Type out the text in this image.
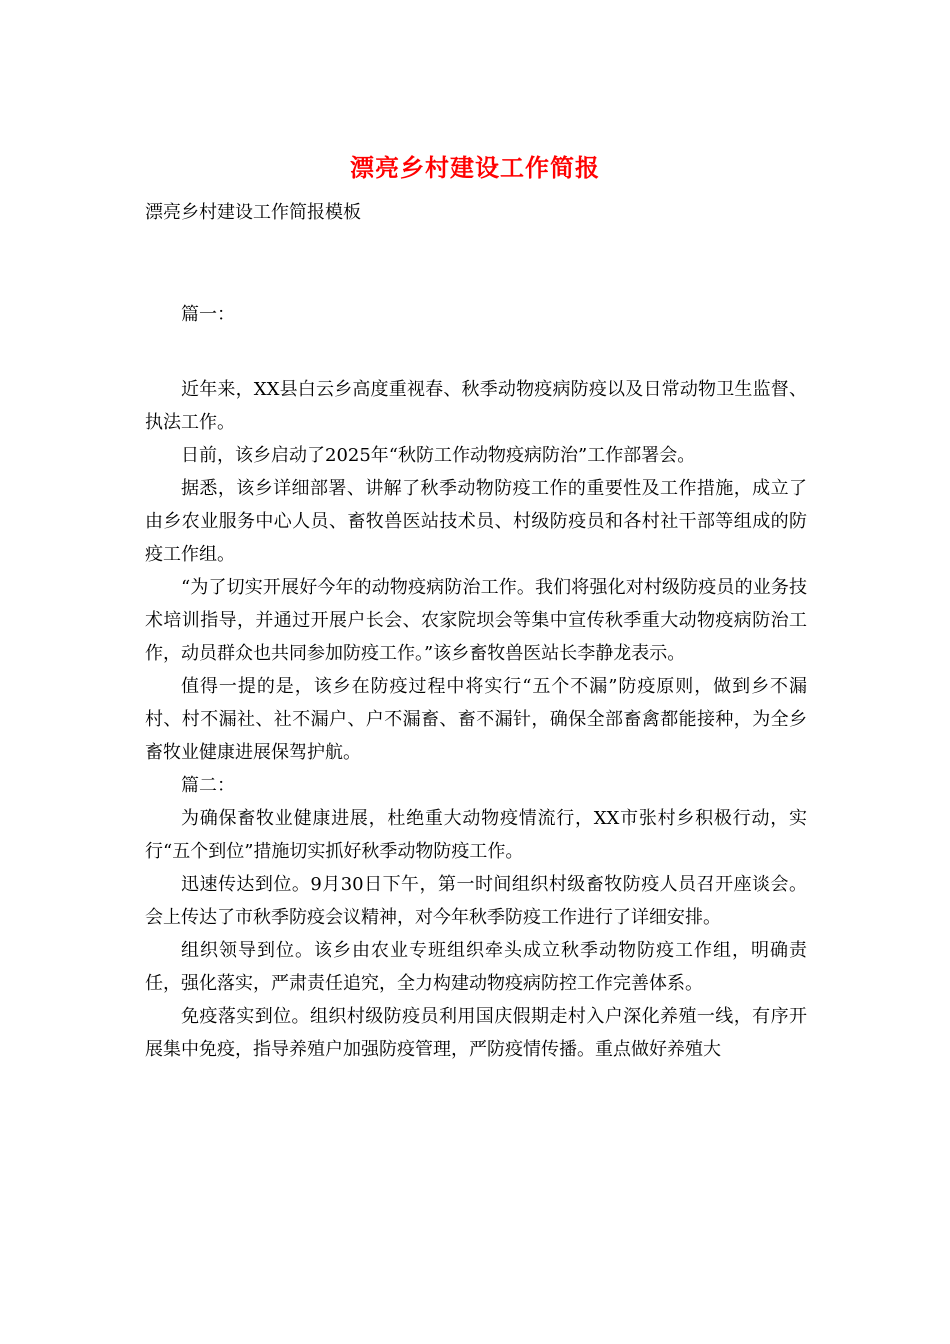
漂亮乡村建设工作简报
漂亮乡村建设工作简报模板

篇一：

近年来，XX县白云乡高度重视春、秋季动物疫病防疫以及日常动物卫生监督、执法工作。

日前，该乡启动了2025年“秋防工作动物疫病防治”工作部署会。

据悉，该乡详细部署、讲解了秋季动物防疫工作的重要性及工作措施，成立了由乡农业服务中心人员、畜牧兽医站技术员、村级防疫员和各村社干部等组成的防疫工作组。

“为了切实开展好今年的动物疫病防治工作。我们将强化对村级防疫员的业务技术培训指导，并通过开展户长会、农家院坝会等集中宣传秋季重大动物疫病防治工作，动员群众也共同参加防疫工作。”该乡畜牧兽医站长李静龙表示。

值得一提的是，该乡在防疫过程中将实行“五个不漏”防疫原则，做到乡不漏村、村不漏社、社不漏户、户不漏畜、畜不漏针，确保全部畜禽都能接种，为全乡畜牧业健康进展保驾护航。

篇二：

为确保畜牧业健康进展，杜绝重大动物疫情流行，XX市张村乡积极行动，实行“五个到位”措施切实抓好秋季动物防疫工作。

迅速传达到位。9月30日下午，第一时间组织村级畜牧防疫人员召开座谈会。会上传达了市秋季防疫会议精神，对今年秋季防疫工作进行了详细安排。

组织领导到位。该乡由农业专班组织牵头成立秋季动物防疫工作组，明确责任，强化落实，严肃责任追究，全力构建动物疫病防控工作完善体系。

免疫落实到位。组织村级防疫员利用国庆假期走村入户深化养殖一线，有序开展集中免疫，指导养殖户加强防疫管理，严防疫情传播。重点做好养殖大
